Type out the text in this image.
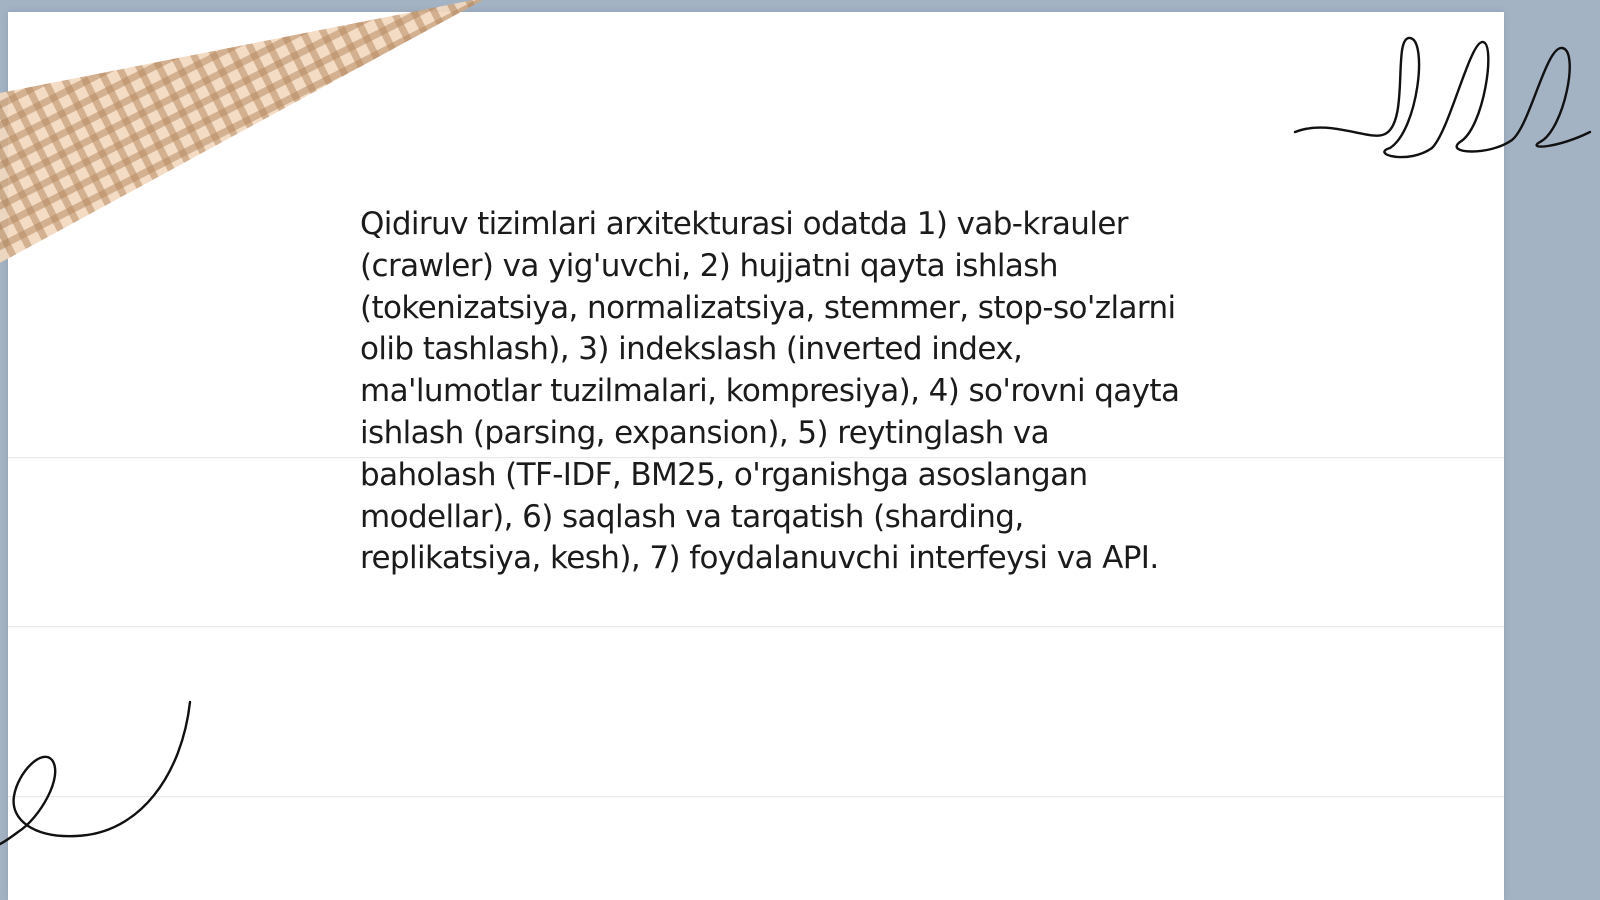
Qidiruv tizimlari arxitekturasi odatda 1) vab-krauler
(crawler) va yig'uvchi, 2) hujjatni qayta ishlash
(tokenizatsiya, normalizatsiya, stemmer, stop-so'zlarni
olib tashlash), 3) indekslash (inverted index,
ma'lumotlar tuzilmalari, kompresiya), 4) so'rovni qayta
ishlash (parsing, expansion), 5) reytinglash va
baholash (TF-IDF, BM25, o'rganishga asoslangan
modellar), 6) saqlash va tarqatish (sharding,
replikatsiya, kesh), 7) foydalanuvchi interfeysi va API.
